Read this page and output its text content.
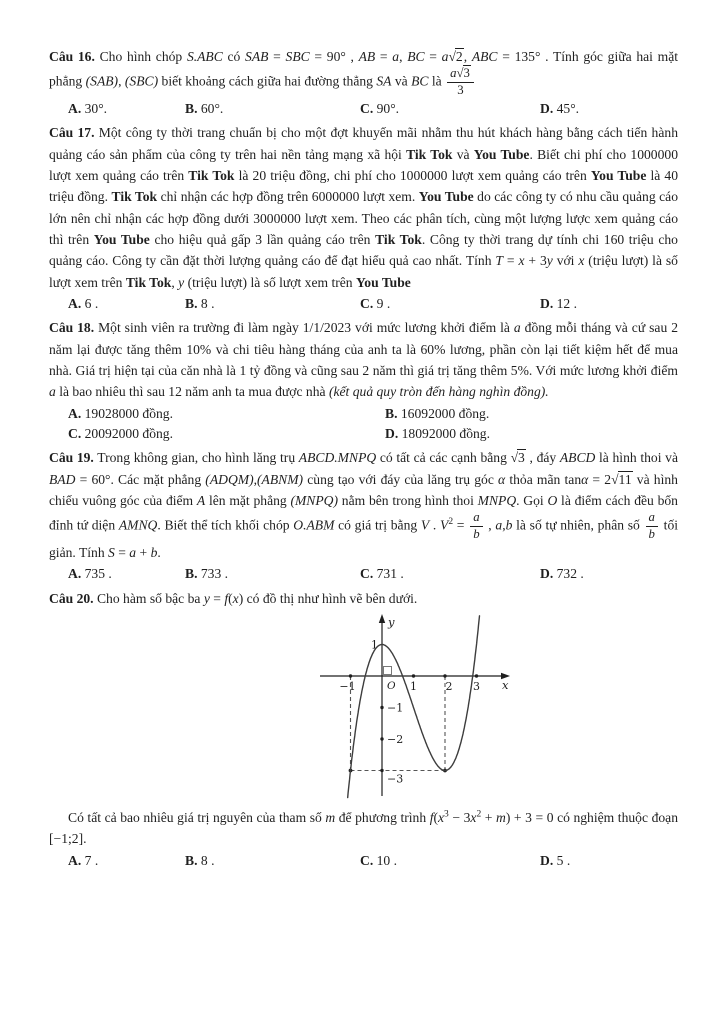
Câu 16. Cho hình chóp S.ABC có SAB = SBC = 90° , AB = a, BC = a√2, ABC = 135° . Tính góc giữa hai mặt phẳng (SAB), (SBC) biết khoảng cách giữa hai đường thẳng SA và BC là $\frac{a√3}{3}$

A. 30°.	B. 60°.	C. 90°.	D. 45°.

Câu 17. Một công ty thời trang chuẩn bị cho một đợt khuyến mãi nhằm thu hút khách hàng bằng cách tiến hành quảng cáo sản phẩm của công ty trên hai nền tảng mạng xã hội Tik Tok và You Tube. Biết chi phí cho 1000000 lượt xem quảng cáo trên Tik Tok là 20 triệu đồng, chi phí cho 1000000 lượt xem quảng cáo trên You Tube là 40 triệu đồng. Tik Tok chỉ nhận các hợp đồng trên 6000000 lượt xem. You Tube do các công ty có nhu cầu quảng cáo lớn nên chỉ nhận các hợp đồng dưới 3000000 lượt xem. Theo các phân tích, cùng một lượng lược xem quảng cáo thì trên You Tube cho hiệu quả gấp 3 lần quảng cáo trên Tik Tok. Công ty thời trang dự tính chi 160 triệu cho quảng cáo. Công ty cần đặt thời lượng quảng cáo để đạt hiểu quả cao nhất. Tính T = x + 3y với x (triệu lượt) là số lượt xem trên Tik Tok, y (triệu lượt) là số lượt xem trên You Tube

A. 6 .	B. 8 .	C. 9 .	D. 12 .

Câu 18. Một sinh viên ra trường đi làm ngày 1/1/2023 với mức lương khởi điểm là a đồng mỗi tháng và cứ sau 2 năm lại được tăng thêm 10% và chi tiêu hàng tháng của anh ta là 60% lương, phần còn lại tiết kiệm hết để mua nhà. Giá trị hiện tại của căn nhà là 1 tỷ đồng và cũng sau 2 năm thì giá trị tăng thêm 5%. Với mức lương khởi điểm a là bao nhiêu thì sau 12 năm anh ta mua được nhà (kết quả quy tròn đến hàng nghìn đồng).

A. 19028000 đồng.	B. 16092000 đồng.
C. 20092000 đồng.	D. 18092000 đồng.

Câu 19. Trong không gian, cho hình lăng trụ ABCD.MNPQ có tất cả các cạnh bằng √3 , đáy ABCD là hình thoi và BAD = 60°. Các mặt phẳng (ADQM),(ABNM) cùng tạo với đáy của lăng trụ góc α thỏa mãn tanα = 2√11 và hình chiếu vuông góc của điểm A lên mặt phẳng (MNPQ) nằm bên trong hình thoi MNPQ. Gọi O là điểm cách đều bốn đỉnh tứ diện AMNQ. Biết thể tích khối chóp O.ABM có giá trị bằng V . $V^2 = \frac{a}{b}$ , a,b là số tự nhiên, phân số $\frac{a}{b}$ tối giản. Tính S = a + b.

A. 735 .	B. 733 .	C. 731 .	D. 732 .

Câu 20. Cho hàm số bậc ba y = f(x) có đồ thị như hình vẽ bên dưới.

x
y
O
−1	1	2 3
−1
−2
−3
1

Có tất cả bao nhiêu giá trị nguyên của tham số m để phương trình $f(x^3 - 3x^2 + m) + 3 = 0$ có nghiệm thuộc đoạn [−1;2].

A. 7 .	B. 8 .	C. 10 .	D. 5 .
